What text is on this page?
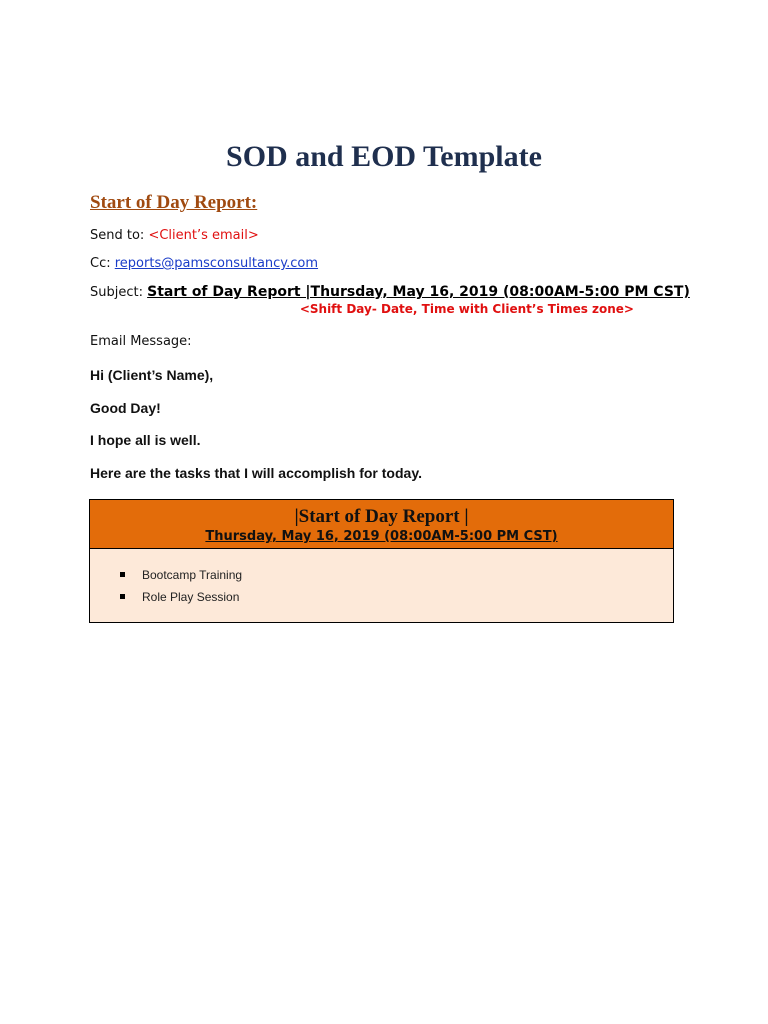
SOD and EOD Template
Start of Day Report:
Send to: <Client’s email>
Cc: reports@pamsconsultancy.com
Subject: Start of Day Report |Thursday, May 16, 2019 (08:00AM-5:00 PM CST)
<Shift Day- Date, Time with Client’s Times zone>
Email Message:
Hi (Client’s Name),
Good Day!
I hope all is well.
Here are the tasks that I will accomplish for today.
|Start of Day Report |
Thursday, May 16, 2019 (08:00AM-5:00 PM CST)
Bootcamp Training
Role Play Session
